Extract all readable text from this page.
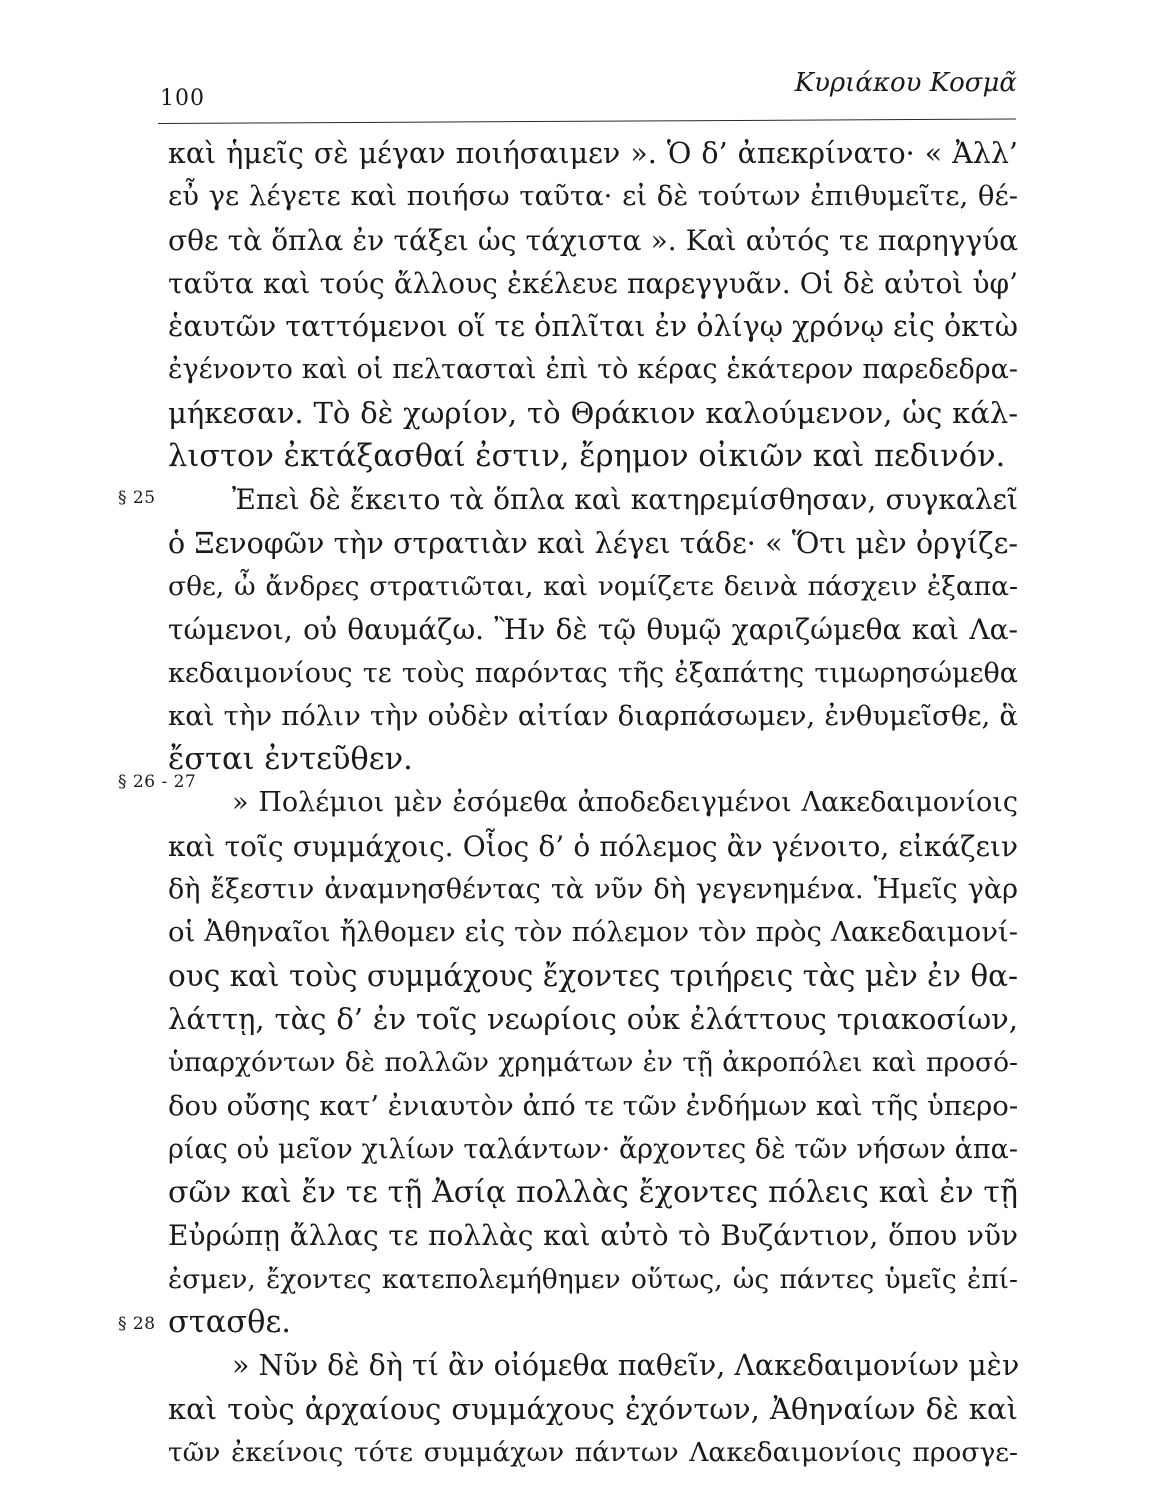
100
Κυριάκου Κοσμᾶ
§ 25
§ 26 - 27
§ 28
καὶ ἡμεῖς σὲ μέγαν ποιήσαιμεν ». Ὁ δ’ ἀπεκρίνατο· « Ἀλλ’
εὖ γε λέγετε καὶ ποιήσω ταῦτα· εἰ δὲ τούτων ἐπιθυμεῖτε, θέ-
σθε τὰ ὅπλα ἐν τάξει ὡς τάχιστα ». Καὶ αὐτός τε παρηγγύα
ταῦτα καὶ τούς ἄλλους ἐκέλευε παρεγγυᾶν. Οἱ δὲ αὐτοὶ ὑφ’
ἑαυτῶν ταττόμενοι οἵ τε ὁπλῖται ἐν ὀλίγῳ χρόνῳ εἰς ὀκτὼ
ἐγένοντο καὶ οἱ πελτασταὶ ἐπὶ τὸ κέρας ἑκάτερον παρεδεδρα-
μήκεσαν. Τὸ δὲ χωρίον, τὸ Θράκιον καλούμενον, ὡς κάλ-
λιστον ἐκτάξασθαί ἐστιν, ἔρημον οἰκιῶν καὶ πεδινόν.
Ἐπεὶ δὲ ἔκειτο τὰ ὅπλα καὶ κατηρεμίσθησαν, συγκαλεῖ
ὁ Ξενοφῶν τὴν στρατιὰν καὶ λέγει τάδε· « Ὅτι μὲν ὀργίζε-
σθε, ὦ ἄνδρες στρατιῶται, καὶ νομίζετε δεινὰ πάσχειν ἐξαπα-
τώμενοι, οὐ θαυμάζω. Ἢν δὲ τῷ θυμῷ χαριζώμεθα καὶ Λα-
κεδαιμονίους τε τοὺς παρόντας τῆς ἐξαπάτης τιμωρησώμεθα
καὶ τὴν πόλιν τὴν οὐδὲν αἰτίαν διαρπάσωμεν, ἐνθυμεῖσθε, ἃ
ἔσται ἐντεῦθεν.
» Πολέμιοι μὲν ἐσόμεθα ἀποδεδειγμένοι Λακεδαιμονίοις
καὶ τοῖς συμμάχοις. Οἷος δ’ ὁ πόλεμος ἂν γένοιτο, εἰκάζειν
δὴ ἔξεστιν ἀναμνησθέντας τὰ νῦν δὴ γεγενημένα. Ἡμεῖς γὰρ
οἱ Ἀθηναῖοι ἤλθομεν εἰς τὸν πόλεμον τὸν πρὸς Λακεδαιμονί-
ους καὶ τοὺς συμμάχους ἔχοντες τριήρεις τὰς μὲν ἐν θα-
λάττῃ, τὰς δ’ ἐν τοῖς νεωρίοις οὐκ ἐλάττους τριακοσίων,
ὑπαρχόντων δὲ πολλῶν χρημάτων ἐν τῇ ἀκροπόλει καὶ προσό-
δου οὔσης κατ’ ἐνιαυτὸν ἀπό τε τῶν ἐνδήμων καὶ τῆς ὑπερο-
ρίας οὐ μεῖον χιλίων ταλάντων· ἄρχοντες δὲ τῶν νήσων ἁπα-
σῶν καὶ ἔν τε τῇ Ἀσίᾳ πολλὰς ἔχοντες πόλεις καὶ ἐν τῇ
Εὐρώπῃ ἄλλας τε πολλὰς καὶ αὐτὸ τὸ Βυζάντιον, ὅπου νῦν
ἐσμεν, ἔχοντες κατεπολεμήθημεν οὕτως, ὡς πάντες ὑμεῖς ἐπί-
στασθε.
» Νῦν δὲ δὴ τί ἂν οἰόμεθα παθεῖν, Λακεδαιμονίων μὲν
καὶ τοὺς ἀρχαίους συμμάχους ἐχόντων, Ἀθηναίων δὲ καὶ
τῶν ἐκείνοις τότε συμμάχων πάντων Λακεδαιμονίοις προσγε-
